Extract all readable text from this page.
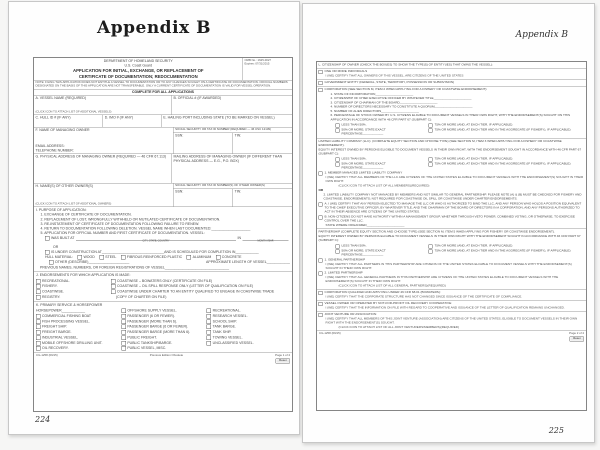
Appendix B
DEPARTMENT OF HOMELAND SECURITY
U.S. Coast Guard
APPLICATION FOR INITIAL, EXCHANGE, OR REPLACEMENT OF
CERTIFICATE OF DOCUMENTATION; REDOCUMENTATION
OMB No.: 1625-0027
Expires: 07/31/2015
NOTE: FILING THIS APPLICATION DOES NOT ENTITLE A VESSEL TO DOCUMENTATION OR TO ANY CHANGES SOUGHT ON A CERTIFICATE OF DOCUMENTATION. OFFICIAL NUMBERS DESIGNATED ON THE BASIS OF THIS APPLICATION ARE NOT TRANSFERABLE. ONLY A CURRENT CERTIFICATE OF DOCUMENTATION IS VALID FOR VESSEL OPERATION.
COMPLETE FOR ALL APPLICATIONS
A. VESSEL NAME (REQUIRED)
(CLICK ICON TO ATTACH LIST OF ADDITIONAL VESSELS)
B. OFFICIAL # (IF AWARDED)
C. HULL ID # (IF ANY)	D. IMO # (IF ANY)	E. HAILING PORT INCLUDING STATE (TO BE MARKED ON VESSEL)
F. NAME OF MANAGING OWNER
EMAIL ADDRESS:
TELEPHONE NUMBER:
SOCIAL SECURITY OR TAX ID NUMBER (REQUIRED — 46 USC 12139)
SSN:	TIN:
G. PHYSICAL ADDRESS OF MANAGING OWNER (REQUIRED — 46 CFR 67.113)	MAILING ADDRESS OF MANAGING OWNER (IF DIFFERENT THAN PHYSICAL ADDRESS — E.G., P.O. BOX)
H. NAME(S) OF OTHER OWNER(S)
(CLICK ICON TO ATTACH LIST OF ADDITIONAL OWNERS)
SOCIAL SECURITY OR TAX ID NUMBER(S) OF OTHER OWNER(S)
SSN:	TIN:
I. PURPOSE OF APPLICATION:
1. EXCHANGE OF CERTIFICATE OF DOCUMENTATION.
2. REPLACEMENT OF LOST, WRONGFULLY WITHHELD OR MUTILATED CERTIFICATE OF DOCUMENTATION.
3. RE-INSTATEMENT OF CERTIFICATE OF DOCUMENTATION FOLLOWING FAILURE TO RENEW.
4. RETURN TO DOCUMENTATION FOLLOWING DELETION. VESSEL NAME WHEN LAST DOCUMENTED:____________________
5. APPLICATION FOR OFFICIAL NUMBER AND FIRST CERTIFICATE OF DOCUMENTATION. VESSEL:
WAS BUILT AT
CITY, STATE, COUNTRY
IN
MONTH/YEAR
OR
IS UNDER CONSTRUCTION AT________________________________ AND IS SCHEDULED FOR COMPLETION IN____________
HULL MATERIAL: WOOD STEEL FIBROUS REINFORCED PLASTIC ALUMINUM CONCRETE
OTHER (DESCRIBE)_____________________	APPROXIMATE LENGTH OF VESSEL____________
PREVIOUS NAMES, NUMBERS, OR FOREIGN REGISTRATIONS OF VESSEL_________________________________
J. ENDORSEMENTS FOR WHICH APPLICATION IS MADE:
RECREATIONAL.
FISHERY.
COASTWISE.
REGISTRY.
COASTWISE – BOWATERS ONLY (CERTIFICATE ON FILE)
COASTWISE – OIL SPILL RESPONSE ONLY (LETTER OF QUALIFICATION ON FILE)
COASTWISE UNDER CHARTER TO AN ENTITY QUALIFIED TO ENGAGE IN COASTWISE TRADE
(COPY OF CHARTER ON FILE)
K. PRIMARY SERVICE & HORSEPOWER
HORSEPOWER____________
COMMERCIAL FISHING BOAT
FISH PROCESSING VESSEL.
FREIGHT SHIP.
FREIGHT BARGE.
INDUSTRIAL VESSEL.
MOBILE OFFSHORE DRILLING UNIT.
OIL RECOVERY.
OFFSHORE SUPPLY VESSEL.
PASSENGER (6 OR FEWER).
PASSENGER (MORE THAN 6).
PASSENGER BARGE (6 OR FEWER).
PASSENGER BARGE (MORE THAN 6).
PUBLIC FREIGHT.
PUBLIC TANKSHIP/BARGE.
PUBLIC VESSEL, MISC.
RECREATIONAL.
RESEARCH VESSEL.
SCHOOL SHIP.
TANK BARGE.
TANK SHIP.
TOWING VESSEL.
UNCLASSIFIED VESSEL.
CG-1258 (09/15)	Previous Edition Obsolete	Page 1 of 4
Reset
224
Appendix B
L. CITIZENSHIP OF OWNER (CHECK THE BOX(ES) TO SHOW THE TYPE(S) OF ENTITY(IES) THAT OWNS THE VESSEL):
ONE OR MORE INDIVIDUALS
I (WE) CERTIFY THAT ALL OWNERS OF THIS VESSEL, ARE CITIZENS OF THE UNITED STATES
GOVERNMENT ENTITY (FEDERAL, STATE, TERRITORY, POSSESSION OR SUBDIVISION)
CORPORATION (SEE SECTION M, ITEM 2 WHEN APPLYING FOR A FISHERY OR COASTWISE ENDORSEMENT):
1. STATE OF INCORPORATION______________________
2. CITIZENSHIP OF CHIEF EXECUTIVE OFFICER BY WHATEVER TITLE______________________
3. CITIZENSHIP OF CHAIRMAN OF THE BOARD______________________
4. NUMBER OF DIRECTORS NECESSARY TO CONSTITUTE A QUORUM______________________
5. NUMBER OF ALIEN DIRECTORS______________________
6. PERCENTAGE OF STOCK OWNED BY U.S. CITIZENS ELIGIBLE TO DOCUMENT VESSELS IN THEIR OWN RIGHT, WITH THE ENDORSEMENT(S) SOUGHT ON THIS APPLICATION IN ACCORDANCE WITH 46 CFR PART 67 (SUBPART C):
LESS THAN 50%.	75% OR MORE (AND, AT EACH TIER, IF APPLICABLE)
50% OR MORE; STATE EXACT PERCENTAGE____________
75% OR MORE (AND, AT EACH TIER AND IN THE AGGREGATE (IF FISHERY), IF APPLICABLE)
LIMITED LIABILITY COMPANY (LLC): (COMPLETE EQUITY SECTION AND CHOOSE TYPE) (SEE SECTION M, ITEM 3 WHEN APPLYING FOR A FISHERY OR COASTWISE ENDORSEMENT).
EQUITY INTEREST OWNED BY PERSONS ELIGIBLE TO DOCUMENT VESSELS IN THEIR OWN RIGHT, WITH THE ENDORSEMENT SOUGHT IN ACCORDANCE WITH 46 CFR PART 67 (SUBPART C):
LESS THAN 50%.	75% OR MORE (AND, AT EACH TIER, IF APPLICABLE)
50% OR MORE; STATE EXACT PERCENTAGE____________
75% OR MORE (AND, AT EACH TIER AND IN THE AGGREGATE (IF FISHERY), IF APPLICABLE)
1. MEMBER MANAGED LIMITED LIABILITY COMPANY
I (WE) CERTIFY THAT ALL MEMBERS OF THE LLC ARE CITIZENS OF THE UNITED STATES ELIGIBLE TO DOCUMENT VESSELS WITH THE ENDORSEMENT(S) SOUGHT IN THEIR OWN RIGHT.
(CLICK ICON TO ATTACH LIST OF ALL MEMBERS)(REQUIRED)
OR
2. LIMITED LIABILITY COMPANY NOT MANAGED BY MEMBERS AND NOT SIMILAR TO GENERAL PARTNERSHIP. PLEASE NOTE (A) & (B) MUST BE CHECKED FOR FISHERY AND COASTWISE, ENDORSEMENTS; NOT REQUIRED FOR COASTWISE OIL SPILL OR COASTWISE UNDER CHARTER ENDORSEMENTS.
A. I (WE) CERTIFY THAT ANY PERSON ELECTED TO MANAGE THE LLC OR WHO IS AUTHORIZED TO BIND THE LLC, AND ANY PERSON WHO HOLDS A POSITION EQUIVALENT TO THE CHIEF EXECUTIVE OFFICER, BY WHATEVER TITLE, AND THE CHAIRMAN OF THE BOARD OF DIRECTORS IN A CORPORATION, AND ANY PERSONS AUTHORIZED TO ACT IN THEIR ABSENCE ARE CITIZENS OF THE UNITED STATES.
B. NON-CITIZENS DO NOT HAVE AUTHORITY WITHIN A MANAGEMENT GROUP, WHETHER THROUGH VETO POWER, COMBINED VOTING, OR OTHERWISE, TO EXERCISE CONTROL OVER THE LLC.
STATE WHERE ORGANIZED______________________
PARTNERSHIP (COMPLETE EQUITY SECTION AND CHOOSE TYPE) (SEE SECTION M, ITEM 5 WHEN APPLYING FOR FISHERY OR COASTWISE ENDORSEMENT).
EQUITY INTEREST OWNED BY PERSONS ELIGIBLE TO DOCUMENT VESSELS IN THEIR OWN RIGHT WITH THE ENDORSEMENT SOUGHT IN ACCORDANCE WITH 46 CFR PART 67 (SUBPART C):
LESS THAN 50%.	75% OR MORE (AND, AT EACH TIER, IF APPLICABLE)
50% OR MORE; STATE EXACT PERCENTAGE____________
75% OR MORE (AND, AT EACH TIER AND IN THE AGGREGATE (IF FISHERY), IF APPLICABLE)
1. GENERAL PARTNERSHIP
I (WE) CERTIFY THAT ALL PARTNERS IN THIS PARTNERSHIP ARE CITIZENS OF THE UNITED STATES ELIGIBLE TO DOCUMENT VESSELS WITH THE ENDORSEMENT(S) SOUGHT IN THEIR OWN RIGHT.
2. LIMITED PARTNERSHIP
I (WE) CERTIFY THAT ALL GENERAL PARTNERS IN THIS PARTNERSHIP ARE CITIZENS OF THE UNITED STATES ELIGIBLE TO DOCUMENT VESSELS WITH THE ENDORSEMENT(S) SOUGHT IN THEIR OWN RIGHT.
(CLICK ICON TO ATTACH LIST OF ALL GENERAL PARTNERS)(REQUIRED)
CORPORATION QUALIFIED AND APPLYING UNDER 46 CFR 68.01 (BOWATERS):
I (WE) CERTIFY THAT THE CORPORATE STRUCTURE HAS NOT CHANGED SINCE ISSUANCE OF THE CERTIFICATE OF COMPLIANCE.
VESSEL OWNED OR OPERATED BY NOT-FOR-PROFIT OIL RECOVERY COOPERATIVE:
I (WE) CERTIFY THAT THE INFORMATION ON FILE WITH REGARD TO COOPERATIVE AND ISSUANCE OF THE LETTER OF QUALIFICATION REMAINS UNCHANGED.
JOINT VENTURE OR ASSOCIATION:
I (WE) CERTIFY THAT ALL MEMBERS OF THIS JOINT VENTURE (ASSOCIATION) ARE CITIZENS OF THE UNITED STATES, ELIGIBLE TO DOCUMENT VESSELS IN THEIR OWN RIGHT WITH THE ENDORSEMENT(S) SOUGHT.
(CLICK ICON TO ATTACH LIST OF ALL JOINT VENTURERS/MEMBERS)(REQUIRED)
CG-1258 (09/15)	Page 2 of 4
Reset
225
